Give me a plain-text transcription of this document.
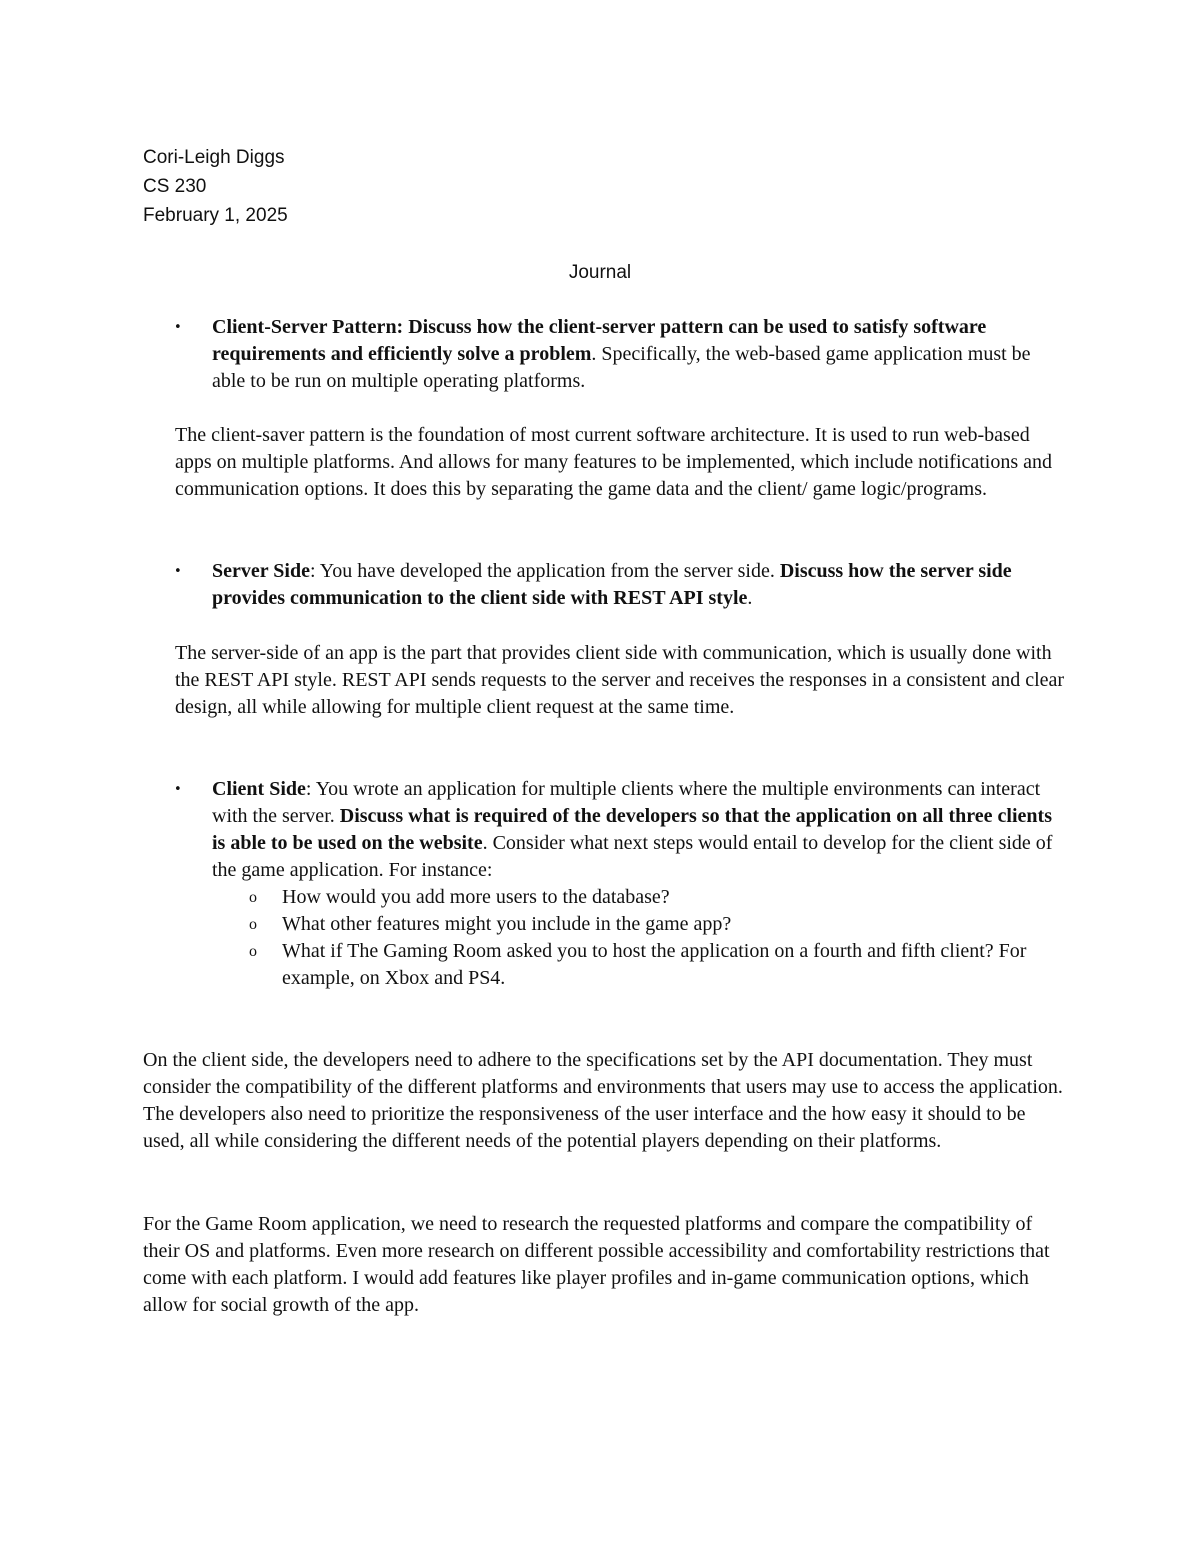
Cori-Leigh Diggs
CS 230
February 1, 2025
Journal
• Client-Server Pattern: Discuss how the client-server pattern can be used to satisfy software requirements and efficiently solve a problem. Specifically, the web-based game application must be able to be run on multiple operating platforms.
The client-saver pattern is the foundation of most current software architecture. It is used to run web-based apps on multiple platforms. And allows for many features to be implemented, which include notifications and communication options. It does this by separating the game data and the client/ game logic/programs.
• Server Side: You have developed the application from the server side. Discuss how the server side provides communication to the client side with REST API style.
The server-side of an app is the part that provides client side with communication, which is usually done with the REST API style. REST API sends requests to the server and receives the responses in a consistent and clear design, all while allowing for multiple client request at the same time.
• Client Side: You wrote an application for multiple clients where the multiple environments can interact with the server. Discuss what is required of the developers so that the application on all three clients is able to be used on the website. Consider what next steps would entail to develop for the client side of the game application. For instance:
o How would you add more users to the database?
o What other features might you include in the game app?
o What if The Gaming Room asked you to host the application on a fourth and fifth client? For example, on Xbox and PS4.
On the client side, the developers need to adhere to the specifications set by the API documentation. They must consider the compatibility of the different platforms and environments that users may use to access the application. The developers also need to prioritize the responsiveness of the user interface and the how easy it should to be used, all while considering the different needs of the potential players depending on their platforms.
For the Game Room application, we need to research the requested platforms and compare the compatibility of their OS and platforms. Even more research on different possible accessibility and comfortability restrictions that come with each platform. I would add features like player profiles and in-game communication options, which allow for social growth of the app.
